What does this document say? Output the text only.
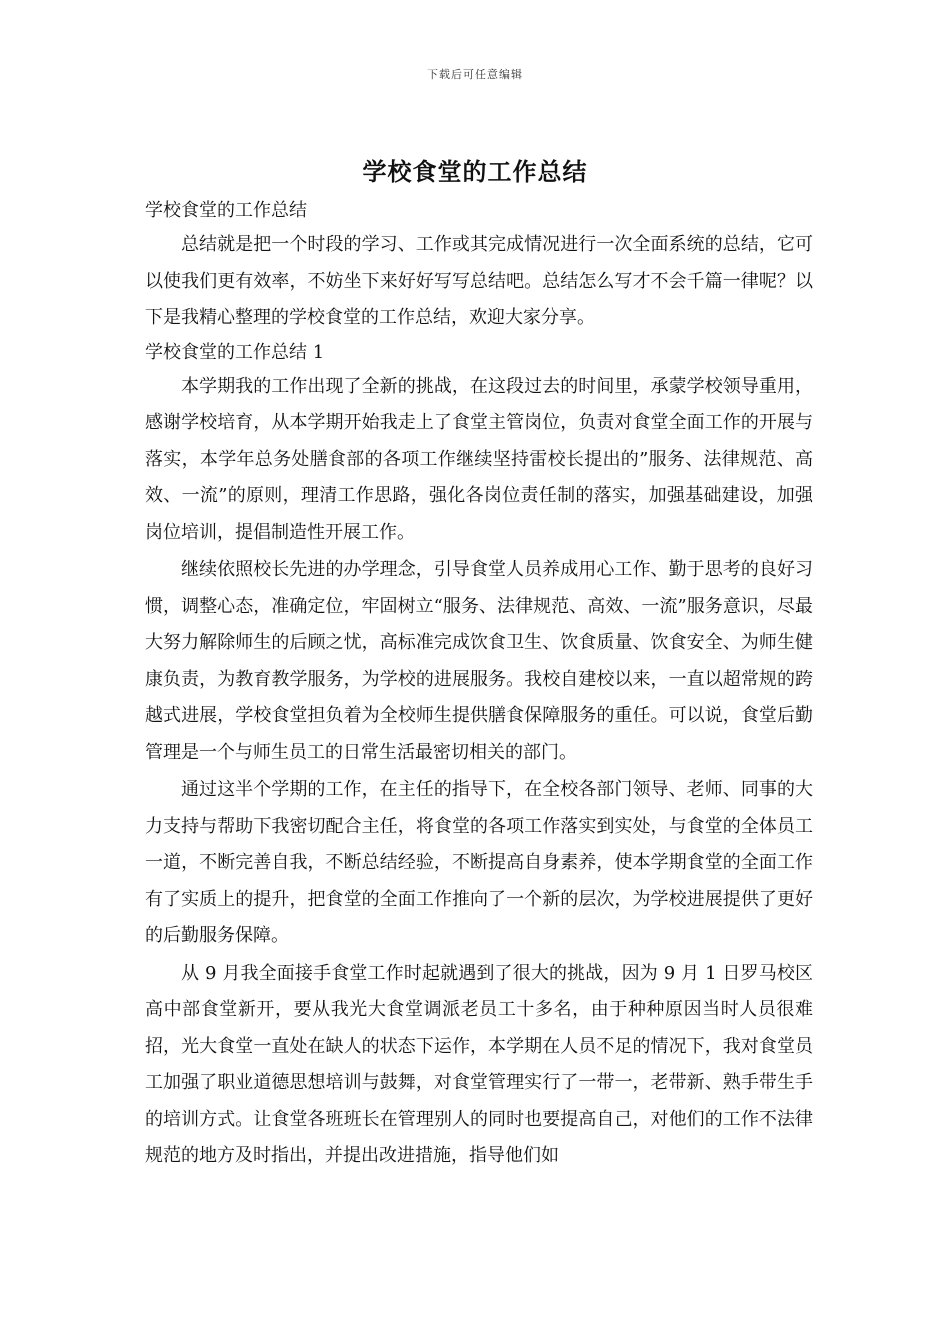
下载后可任意编辑
学校食堂的工作总结

学校食堂的工作总结

总结就是把一个时段的学习、工作或其完成情况进行一次全面系统的总结，它可以使我们更有效率，不妨坐下来好好写写总结吧。总结怎么写才不会千篇一律呢？以下是我精心整理的学校食堂的工作总结，欢迎大家分享。

学校食堂的工作总结 1

本学期我的工作出现了全新的挑战，在这段过去的时间里，承蒙学校领导重用，感谢学校培育，从本学期开始我走上了食堂主管岗位，负责对食堂全面工作的开展与落实，本学年总务处膳食部的各项工作继续坚持雷校长提出的”服务、法律规范、高效、一流”的原则，理清工作思路，强化各岗位责任制的落实，加强基础建设，加强岗位培训，提倡制造性开展工作。

继续依照校长先进的办学理念，引导食堂人员养成用心工作、勤于思考的良好习惯，调整心态，准确定位，牢固树立“服务、法律规范、高效、一流”服务意识，尽最大努力解除师生的后顾之忧，高标准完成饮食卫生、饮食质量、饮食安全、为师生健康负责，为教育教学服务，为学校的进展服务。我校自建校以来，一直以超常规的跨越式进展，学校食堂担负着为全校师生提供膳食保障服务的重任。可以说，食堂后勤管理是一个与师生员工的日常生活最密切相关的部门。

通过这半个学期的工作，在主任的指导下，在全校各部门领导、老师、同事的大力支持与帮助下我密切配合主任，将食堂的各项工作落实到实处，与食堂的全体员工一道，不断完善自我，不断总结经验，不断提高自身素养，使本学期食堂的全面工作有了实质上的提升，把食堂的全面工作推向了一个新的层次，为学校进展提供了更好的后勤服务保障。

从 9 月我全面接手食堂工作时起就遇到了很大的挑战，因为 9 月 1 日罗马校区高中部食堂新开，要从我光大食堂调派老员工十多名，由于种种原因当时人员很难招，光大食堂一直处在缺人的状态下运作，本学期在人员不足的情况下，我对食堂员工加强了职业道德思想培训与鼓舞，对食堂管理实行了一带一，老带新、熟手带生手的培训方式。让食堂各班班长在管理别人的同时也要提高自己，对他们的工作不法律规范的地方及时指出，并提出改进措施，指导他们如
